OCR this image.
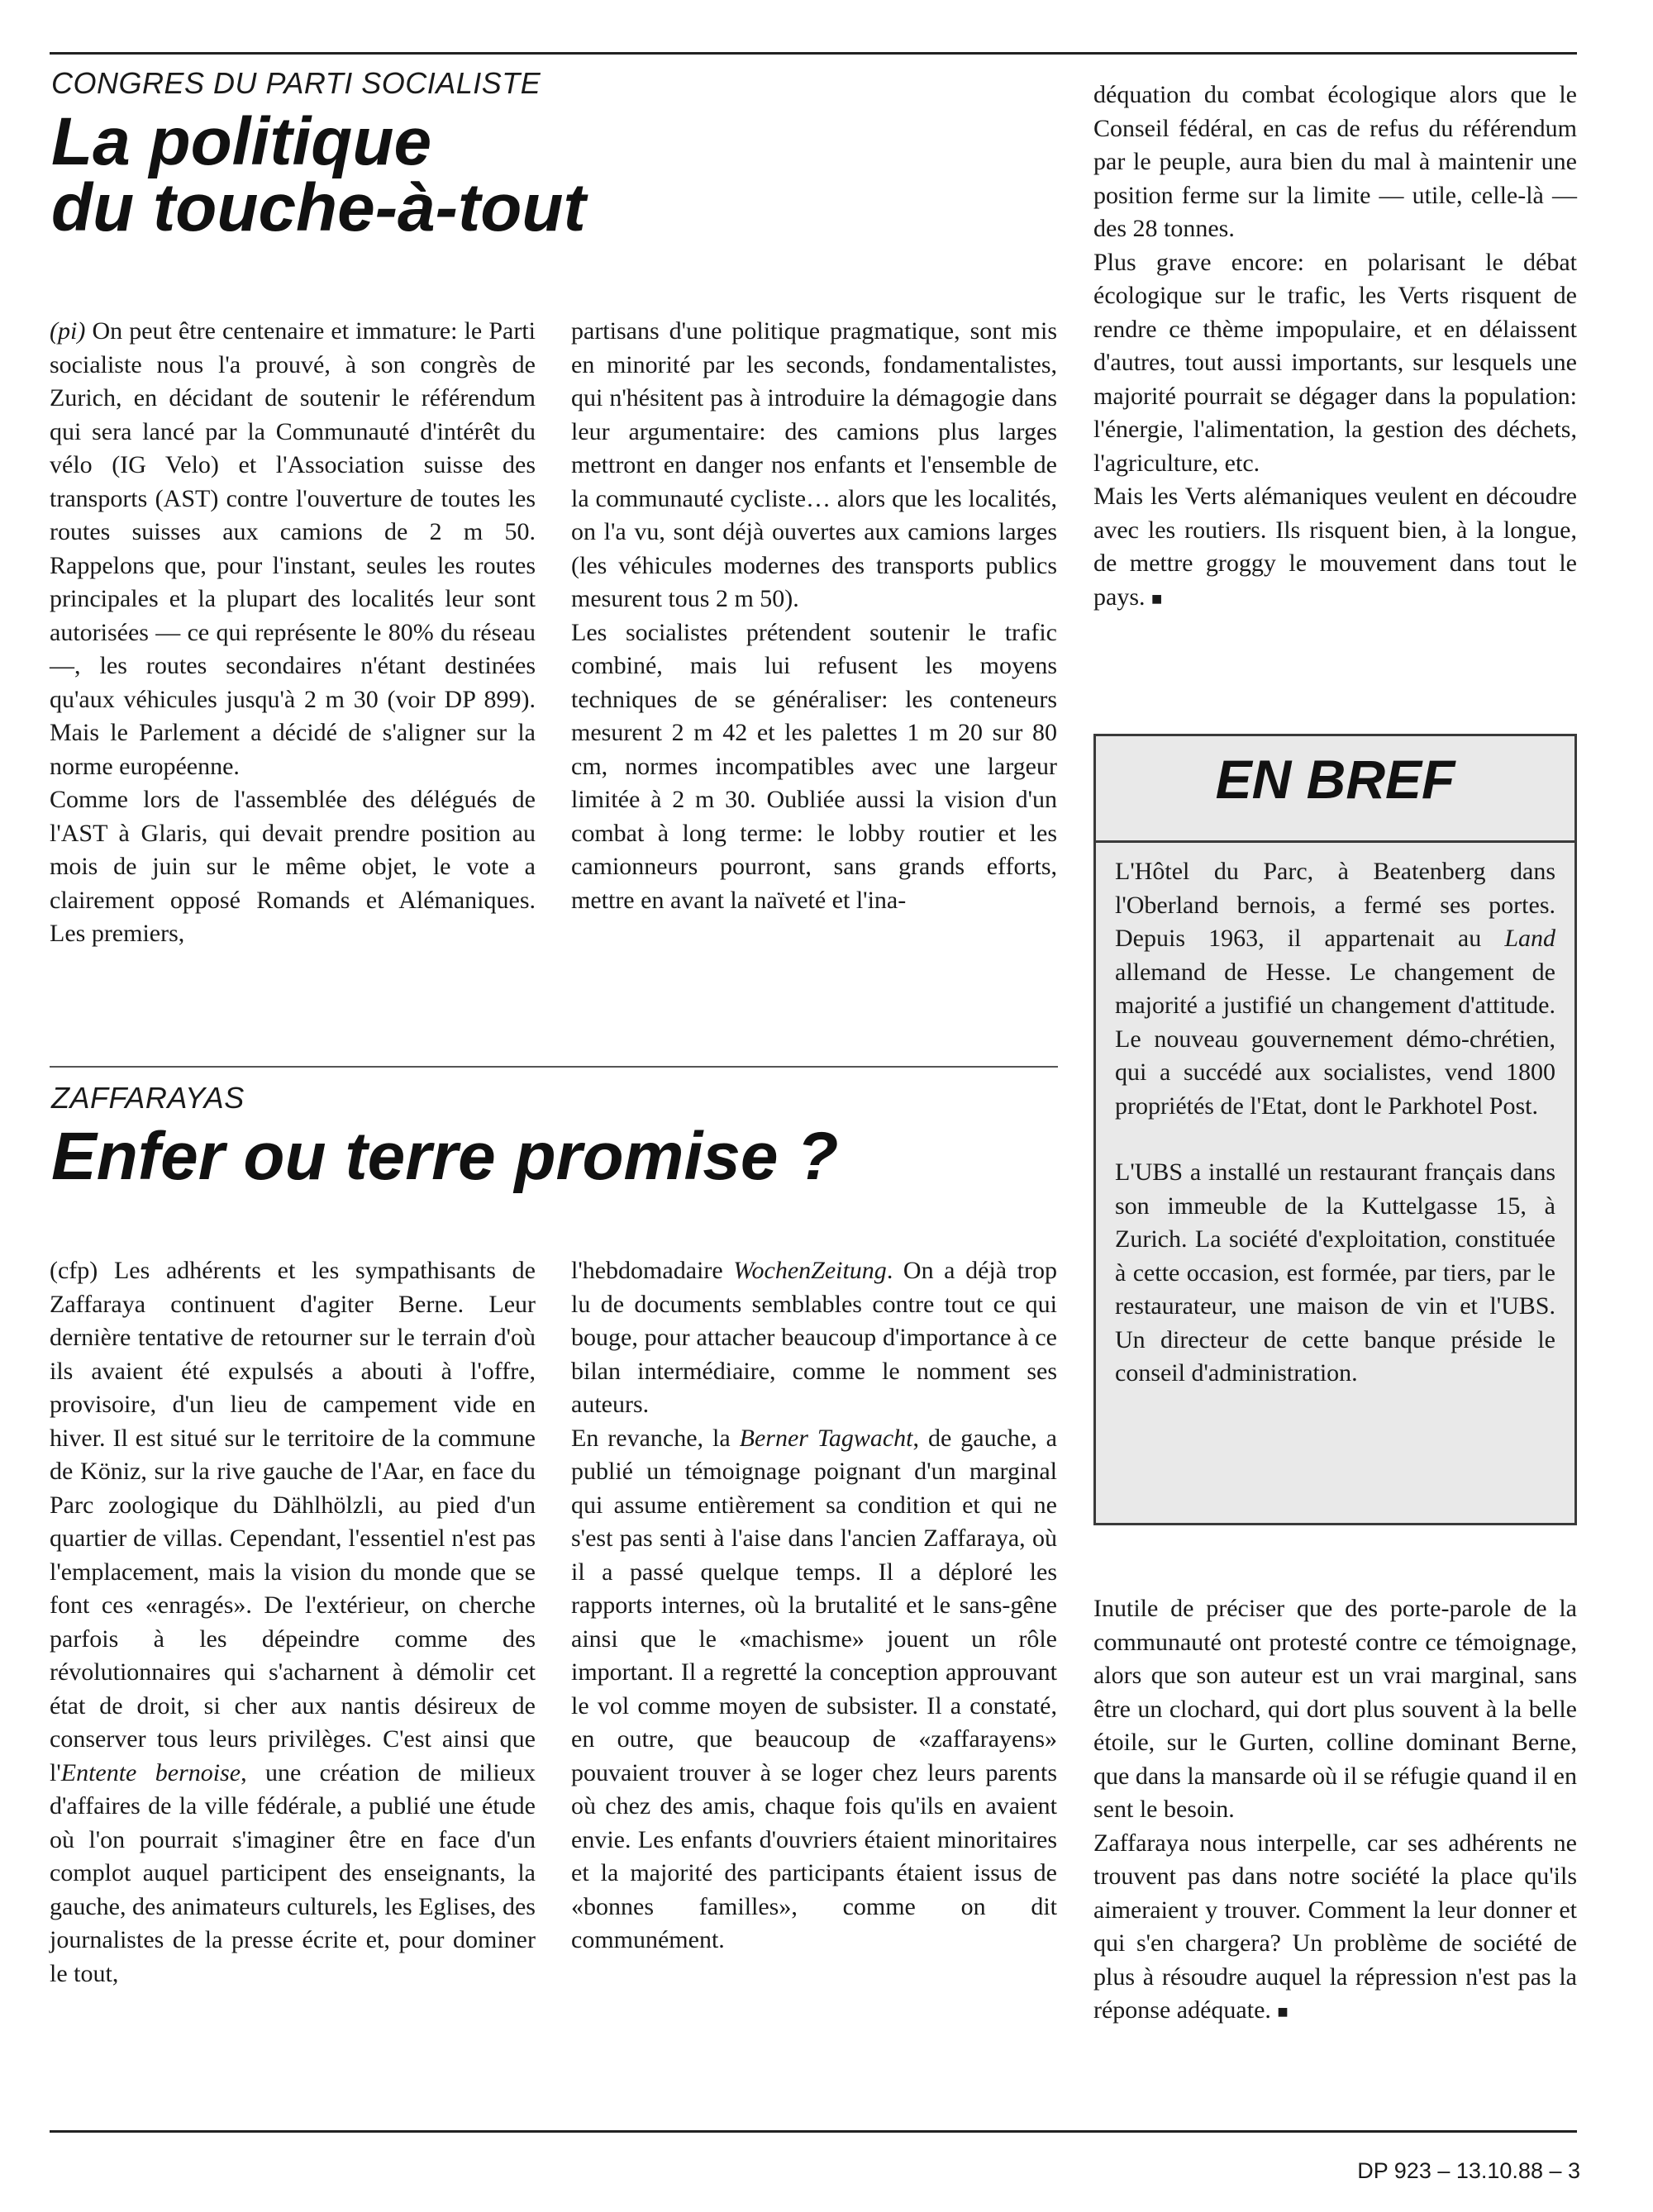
CONGRES DU PARTI SOCIALISTE
La politique
du touche-à-tout

(pi) On peut être centenaire et immature: le Parti socialiste nous l'a prouvé, à son congrès de Zurich, en décidant de soutenir le référendum qui sera lancé par la Communauté d'intérêt du vélo (IG Velo) et l'Association suisse des transports (AST) contre l'ouverture de toutes les routes suisses aux camions de 2 m 50. Rappelons que, pour l'instant, seules les routes principales et la plupart des localités leur sont autorisées — ce qui représente le 80% du réseau —, les routes secondaires n'étant destinées qu'aux véhicules jusqu'à 2 m 30 (voir DP 899). Mais le Parlement a décidé de s'aligner sur la norme européenne.

Comme lors de l'assemblée des délégués de l'AST à Glaris, qui devait prendre position au mois de juin sur le même objet, le vote a clairement opposé Romands et Alémaniques. Les premiers,

partisans d'une politique pragmatique, sont mis en minorité par les seconds, fondamentalistes, qui n'hésitent pas à introduire la démagogie dans leur argumentaire: des camions plus larges mettront en danger nos enfants et l'ensemble de la communauté cycliste… alors que les localités, on l'a vu, sont déjà ouvertes aux camions larges (les véhicules modernes des transports publics mesurent tous 2 m 50).

Les socialistes prétendent soutenir le trafic combiné, mais lui refusent les moyens techniques de se généraliser: les conteneurs mesurent 2 m 42 et les palettes 1 m 20 sur 80 cm, normes incompatibles avec une largeur limitée à 2 m 30. Oubliée aussi la vision d'un combat à long terme: le lobby routier et les camionneurs pourront, sans grands efforts, mettre en avant la naïveté et l'ina-

déquation du combat écologique alors que le Conseil fédéral, en cas de refus du référendum par le peuple, aura bien du mal à maintenir une position ferme sur la limite — utile, celle-là — des 28 tonnes.

Plus grave encore: en polarisant le débat écologique sur le trafic, les Verts risquent de rendre ce thème impopulaire, et en délaissent d'autres, tout aussi importants, sur lesquels une majorité pourrait se dégager dans la population: l'énergie, l'alimentation, la gestion des déchets, l'agriculture, etc.

Mais les Verts alémaniques veulent en découdre avec les routiers. Ils risquent bien, à la longue, de mettre groggy le mouvement dans tout le pays. ■

EN BREF

L'Hôtel du Parc, à Beatenberg dans l'Oberland bernois, a fermé ses portes. Depuis 1963, il appartenait au Land allemand de Hesse. Le changement de majorité a justifié un changement d'attitude. Le nouveau gouvernement démo-chrétien, qui a succédé aux socialistes, vend 1800 propriétés de l'Etat, dont le Parkhotel Post.

L'UBS a installé un restaurant français dans son immeuble de la Kuttelgasse 15, à Zurich. La société d'exploitation, constituée à cette occasion, est formée, par tiers, par le restaurateur, une maison de vin et l'UBS. Un directeur de cette banque préside le conseil d'administration.

ZAFFARAYAS
Enfer ou terre promise ?

(cfp) Les adhérents et les sympathisants de Zaffaraya continuent d'agiter Berne. Leur dernière tentative de retourner sur le terrain d'où ils avaient été expulsés a abouti à l'offre, provisoire, d'un lieu de campement vide en hiver. Il est situé sur le territoire de la commune de Köniz, sur la rive gauche de l'Aar, en face du Parc zoologique du Dählhölzli, au pied d'un quartier de villas. Cependant, l'essentiel n'est pas l'emplacement, mais la vision du monde que se font ces «enragés». De l'extérieur, on cherche parfois à les dépeindre comme des révolutionnaires qui s'acharnent à démolir cet état de droit, si cher aux nantis désireux de conserver tous leurs privilèges. C'est ainsi que l'Entente bernoise, une création de milieux d'affaires de la ville fédérale, a publié une étude où l'on pourrait s'imaginer être en face d'un complot auquel participent des enseignants, la gauche, des animateurs culturels, les Eglises, des journalistes de la presse écrite et, pour dominer le tout,

l'hebdomadaire WochenZeitung. On a déjà trop lu de documents semblables contre tout ce qui bouge, pour attacher beaucoup d'importance à ce bilan intermédiaire, comme le nomment ses auteurs.

En revanche, la Berner Tagwacht, de gauche, a publié un témoignage poignant d'un marginal qui assume entièrement sa condition et qui ne s'est pas senti à l'aise dans l'ancien Zaffaraya, où il a passé quelque temps. Il a déploré les rapports internes, où la brutalité et le sans-gêne ainsi que le «machisme» jouent un rôle important. Il a regretté la conception approuvant le vol comme moyen de subsister. Il a constaté, en outre, que beaucoup de «zaffarayens» pouvaient trouver à se loger chez leurs parents où chez des amis, chaque fois qu'ils en avaient envie. Les enfants d'ouvriers étaient minoritaires et la majorité des participants étaient issus de «bonnes familles», comme on dit communément.

Inutile de préciser que des porte-parole de la communauté ont protesté contre ce témoignage, alors que son auteur est un vrai marginal, sans être un clochard, qui dort plus souvent à la belle étoile, sur le Gurten, colline dominant Berne, que dans la mansarde où il se réfugie quand il en sent le besoin.

Zaffaraya nous interpelle, car ses adhérents ne trouvent pas dans notre société la place qu'ils aimeraient y trouver. Comment la leur donner et qui s'en chargera? Un problème de société de plus à résoudre auquel la répression n'est pas la réponse adéquate. ■

DP 923 – 13.10.88 – 3
